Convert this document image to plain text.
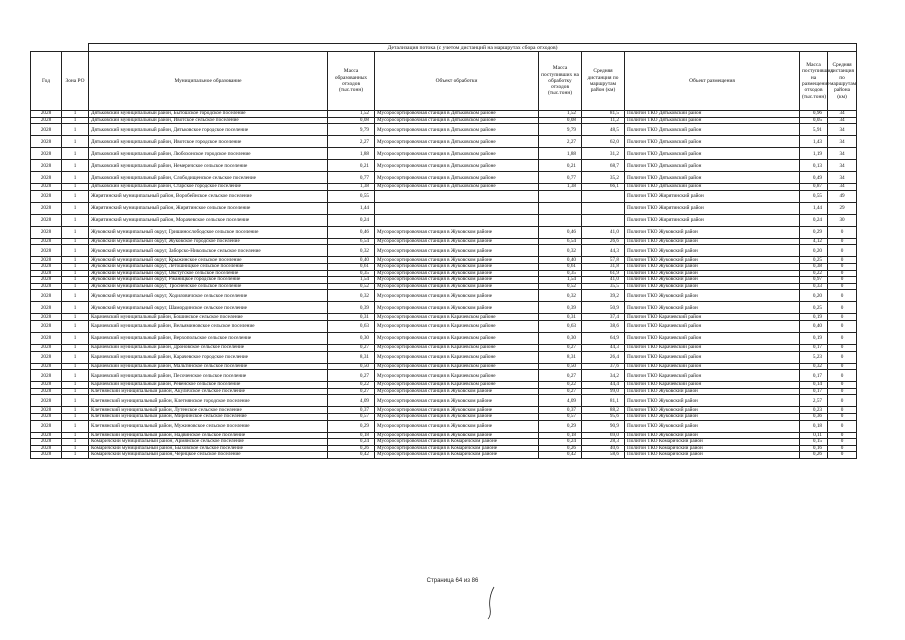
		Детализация потока (с учетом дистанций на маршрутах сбора отходов)							
Год	Зона РО	Муниципальное образование	Масса образованных отходов (тыс.тонн)	Объект обработки	Масса поступивших на обработку отходов (тыс.тонн)	Средняя дистанция по маршрутам район (км)	Объект размещения	Масса поступивших на размещение отходов (тыс.тонн)	Средняя дистанция по маршрутам района (км)
2028	1	Дятьковский муниципальный район, Бытошское городское поселение	1,52	Мусоросортировочная станция в Дятьковском районе	1,52	81,5	Полигон ТКО Дятьковский район	0,96	34
2028	1	Дятьковский муниципальный район, Ивотское сельское поселение	0,08	Мусоросортировочная станция в Дятьковском районе	0,08	11,2	Полигон ТКО Дятьковский район	0,05	34
2028	1	Дятьковский муниципальный район, Дятьковское городское поселение	9,79	Мусоросортировочная станция в Дятьковском районе	9,79	48,5	Полигон ТКО Дятьковский район	5,91	34
2028	1	Дятьковский муниципальный район, Ивотское городское поселение	2,27	Мусоросортировочная станция в Дятьковском районе	2,27	62,0	Полигон ТКО Дятьковский район	1,43	34
2028	1	Дятьковский муниципальный район, Любохонское городское поселение	1,88	Мусоросортировочная станция в Дятьковском районе	1,88	31,2	Полигон ТКО Дятьковский район	1,19	34
2028	1	Дятьковский муниципальный район, Немеричское сельское поселение	0,21	Мусоросортировочная станция в Дятьковском районе	0,21	68,7	Полигон ТКО Дятьковский район	0,13	34
2028	1	Дятьковский муниципальный район, Слободищенское сельское поселение	0,77	Мусоросортировочная станция в Дятьковском районе	0,77	35,2	Полигон ТКО Дятьковский район	0,49	34
2028	1	Дятьковский муниципальный район, Старское городское поселение	1,38	Мусоросортировочная станция в Дятьковском районе	1,38	66,1	Полигон ТКО Дятьковский район	0,87	34
2028	1	Жирятинский муниципальный район, Воробейнское сельское поселение	0,55				Полигон ТКО Жирятинский район	0,55	49
2028	1	Жирятинский муниципальный район, Жирятинское сельское поселение	1,44				Полигон ТКО Жирятинский район	1,44	29
2028	1	Жирятинский муниципальный район, Морачевское сельское поселение	0,24				Полигон ТКО Жирятинский район	0,24	30
2028	1	Жуковский муниципальный округ, Гришинослободское сельское поселение	0,46	Мусоросортировочная станция в Жуковском районе	0,46	41,0	Полигон ТКО Жуковский район	0,29	0
2028	1	Жуковский муниципальный округ, Жуковское городское поселение	6,54	Мусоросортировочная станция в Жуковском районе	6,54	26,6	Полигон ТКО Жуковский район	4,12	0
2028	1	Жуковский муниципальный округ, Заборско-Никольское сельское поселение	0,32	Мусоросортировочная станция в Жуковском районе	0,32	44,3	Полигон ТКО Жуковский район	0,20	0
2028	1	Жуковский муниципальный округ, Крыжинское сельское поселение	0,40	Мусоросортировочная станция в Жуковском районе	0,40	57,8	Полигон ТКО Жуковский район	0,25	0
2028	1	Жуковский муниципальный округ, Летошницкое сельское поселение	0,61	Мусоросортировочная станция в Жуковском районе	0,61	31,8	Полигон ТКО Жуковский район	0,38	0
2028	1	Жуковский муниципальный округ, Овстугское сельское поселение	0,35	Мусоросортировочная станция в Жуковском районе	0,35	61,9	Полигон ТКО Жуковский район	0,22	0
2028	1	Жуковский муниципальный округ, Ржаницкое городское поселение	1,54	Мусоросортировочная станция в Жуковском районе	1,54	41,0	Полигон ТКО Жуковский район	0,97	0
2028	1	Жуковский муниципальный округ, Тросненское сельское поселение	0,52	Мусоросортировочная станция в Жуковском районе	0,52	35,5	Полигон ТКО Жуковский район	0,33	0
2028	1	Жуковский муниципальный округ, Ходиловичское сельское поселение	0,32	Мусоросортировочная станция в Жуковском районе	0,32	39,2	Полигон ТКО Жуковский район	0,20	0
2028	1	Жуковский муниципальный округ, Шамординское сельское поселение	0,39	Мусоросортировочная станция в Жуковском районе	0,39	50,9	Полигон ТКО Жуковский район	0,25	0
2028	1	Карачевский муниципальный район, Бошинское сельское поселение	0,31	Мусоросортировочная станция в Карачевском районе	0,31	37,4	Полигон ТКО Карачевский район	0,19	0
2028	1	Карачевский муниципальный район, Вельяминовское сельское поселение	0,63	Мусоросортировочная станция в Карачевском районе	0,63	38,6	Полигон ТКО Карачевский район	0,40	0
2028	1	Карачевский муниципальный район, Верхопольское сельское поселение	0,30	Мусоросортировочная станция в Карачевском районе	0,30	64,9	Полигон ТКО Карачевский район	0,19	0
2028	1	Карачевский муниципальный район, Дроновское сельское поселение	0,27	Мусоросортировочная станция в Карачевском районе	0,27	44,3	Полигон ТКО Карачевский район	0,17	0
2028	1	Карачевский муниципальный район, Карачевское городское поселение	8,31	Мусоросортировочная станция в Карачевском районе	8,31	26,4	Полигон ТКО Карачевский район	5,23	0
2028	1	Карачевский муниципальный район, Мальтинское сельское поселение	0,50	Мусоросортировочная станция в Карачевском районе	0,50	37,6	Полигон ТКО Карачевский район	0,32	0
2028	1	Карачевский муниципальный район, Песоченское сельское поселение	0,27	Мусоросортировочная станция в Карачевском районе	0,27	34,2	Полигон ТКО Карачевский район	0,17	0
2028	1	Карачевский муниципальный район, Рёвенское сельское поселение	0,22	Мусоросортировочная станция в Карачевском районе	0,22	44,4	Полигон ТКО Карачевский район	0,14	0
2028	1	Клетнянский муниципальный район, Акуличское сельское поселение	0,27	Мусоросортировочная станция в Жуковском районе	0,27	99,0	Полигон ТКО Жуковский район	0,17	0
2028	1	Клетнянский муниципальный район, Клетнянское городское поселение	4,09	Мусоросортировочная станция в Жуковском районе	4,09	81,1	Полигон ТКО Жуковский район	2,57	0
2028	1	Клетнянский муниципальный район, Лутенское сельское поселение	0,37	Мусоросортировочная станция в Жуковском районе	0,37	88,2	Полигон ТКО Жуковский район	0,23	0
2028	1	Клетнянский муниципальный район, Мирнинское сельское поселение	0,57	Мусоросортировочная станция в Жуковском районе	0,57	95,6	Полигон ТКО Жуковский район	0,36	0
2028	1	Клетнянский муниципальный район, Мужиновское сельское поселение	0,29	Мусоросортировочная станция в Жуковском районе	0,29	90,9	Полигон ТКО Жуковский район	0,18	0
2028	1	Клетнянский муниципальный район, Надвинское сельское поселение	0,18	Мусоросортировочная станция в Жуковском районе	0,18	69,0	Полигон ТКО Жуковский район	0,11	0
2028	1	Комаричский муниципальный район, Армянское сельское поселение	0,24	Мусоросортировочная станция в Комаричском районе	0,24	28,3	Полигон ТКО Комаричский район	0,15	0
2028	1	Комаричский муниципальный район, Быховское сельское поселение	0,26	Мусоросортировочная станция в Комаричском районе	0,26	40,6	Полигон ТКО Комаричский район	0,16	0
2028	1	Комаричский муниципальный район, Чернцкое сельское поселение	0,42	Мусоросортировочная станция в Комаричском районе	0,42	58,6	Полигон ТКО Комаричский район	0,26	0
Страница 64 из 86
